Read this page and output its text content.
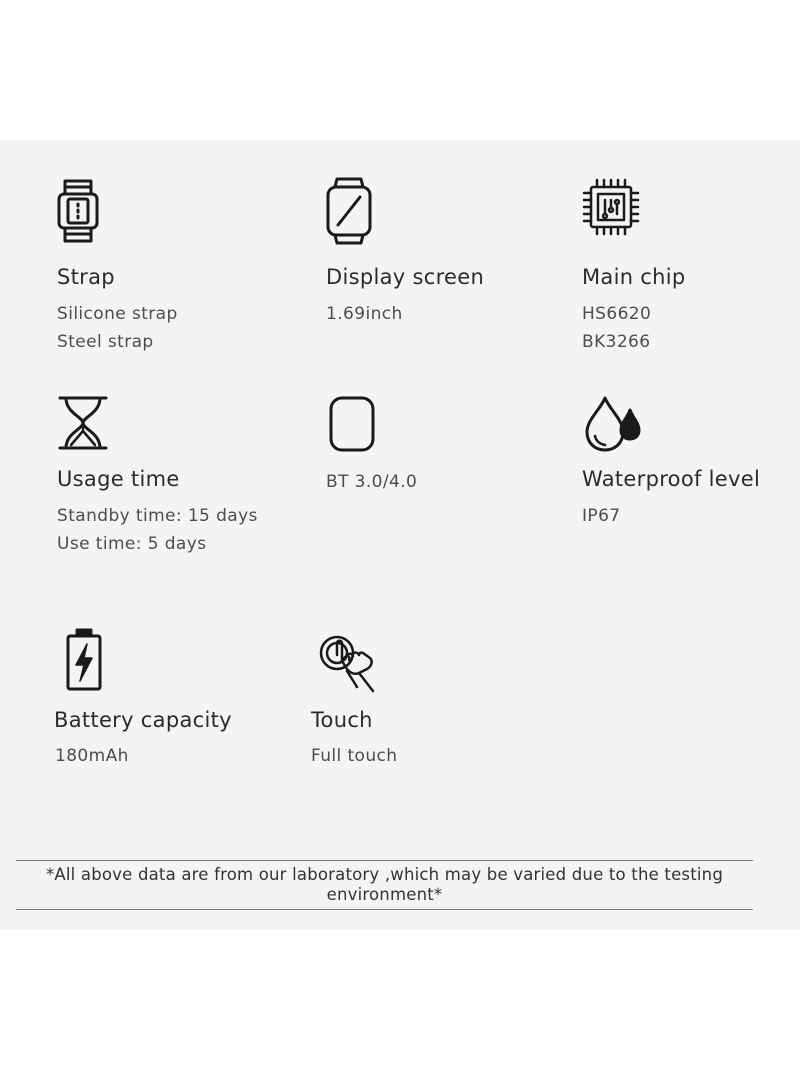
Strap
Silicone strap
Steel strap
Display screen
1.69inch
Main chip
HS6620
BK3266
Usage time
Standby time: 15 days
Use time: 5 days
BT 3.0/4.0	Waterproof level
IP67
Battery capacity
180mAh
Touch
Full touch
*All above data are from our laboratory ,which may be varied due to the testing environment*
